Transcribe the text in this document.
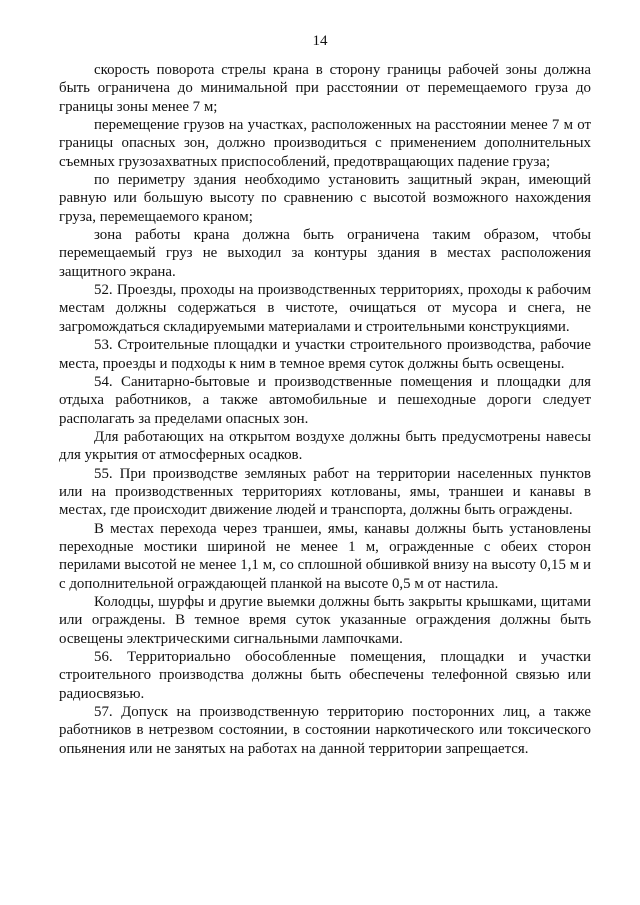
14

скорость поворота стрелы крана в сторону границы рабочей зоны должна быть ограничена до минимальной при расстоянии от перемещаемого груза до границы зоны менее 7 м;

перемещение грузов на участках, расположенных на расстоянии менее 7 м от границы опасных зон, должно производиться с применением дополнительных съемных грузозахватных приспособлений, предотвращающих падение груза;

по периметру здания необходимо установить защитный экран, имеющий равную или большую высоту по сравнению с высотой возможного нахождения груза, перемещаемого краном;

зона работы крана должна быть ограничена таким образом, чтобы перемещаемый груз не выходил за контуры здания в местах расположения защитного экрана.

52. Проезды, проходы на производственных территориях, проходы к рабочим местам должны содержаться в чистоте, очищаться от мусора и снега, не загромождаться складируемыми материалами и строительными конструкциями.

53. Строительные площадки и участки строительного производства, рабочие места, проезды и подходы к ним в темное время суток должны быть освещены.

54. Санитарно-бытовые и производственные помещения и площадки для отдыха работников, а также автомобильные и пешеходные дороги следует располагать за пределами опасных зон.

Для работающих на открытом воздухе должны быть предусмотрены навесы для укрытия от атмосферных осадков.

55. При производстве земляных работ на территории населенных пунктов или на производственных территориях котлованы, ямы, траншеи и канавы в местах, где происходит движение людей и транспорта, должны быть ограждены.

В местах перехода через траншеи, ямы, канавы должны быть установлены переходные мостики шириной не менее 1 м, огражденные с обеих сторон перилами высотой не менее 1,1 м, со сплошной обшивкой внизу на высоту 0,15 м и с дополнительной ограждающей планкой на высоте 0,5 м от настила.

Колодцы, шурфы и другие выемки должны быть закрыты крышками, щитами или ограждены. В темное время суток указанные ограждения должны быть освещены электрическими сигнальными лампочками.

56. Территориально обособленные помещения, площадки и участки строительного производства должны быть обеспечены телефонной связью или радиосвязью.

57. Допуск на производственную территорию посторонних лиц, а также работников в нетрезвом состоянии, в состоянии наркотического или токсического опьянения или не занятых на работах на данной территории запрещается.
